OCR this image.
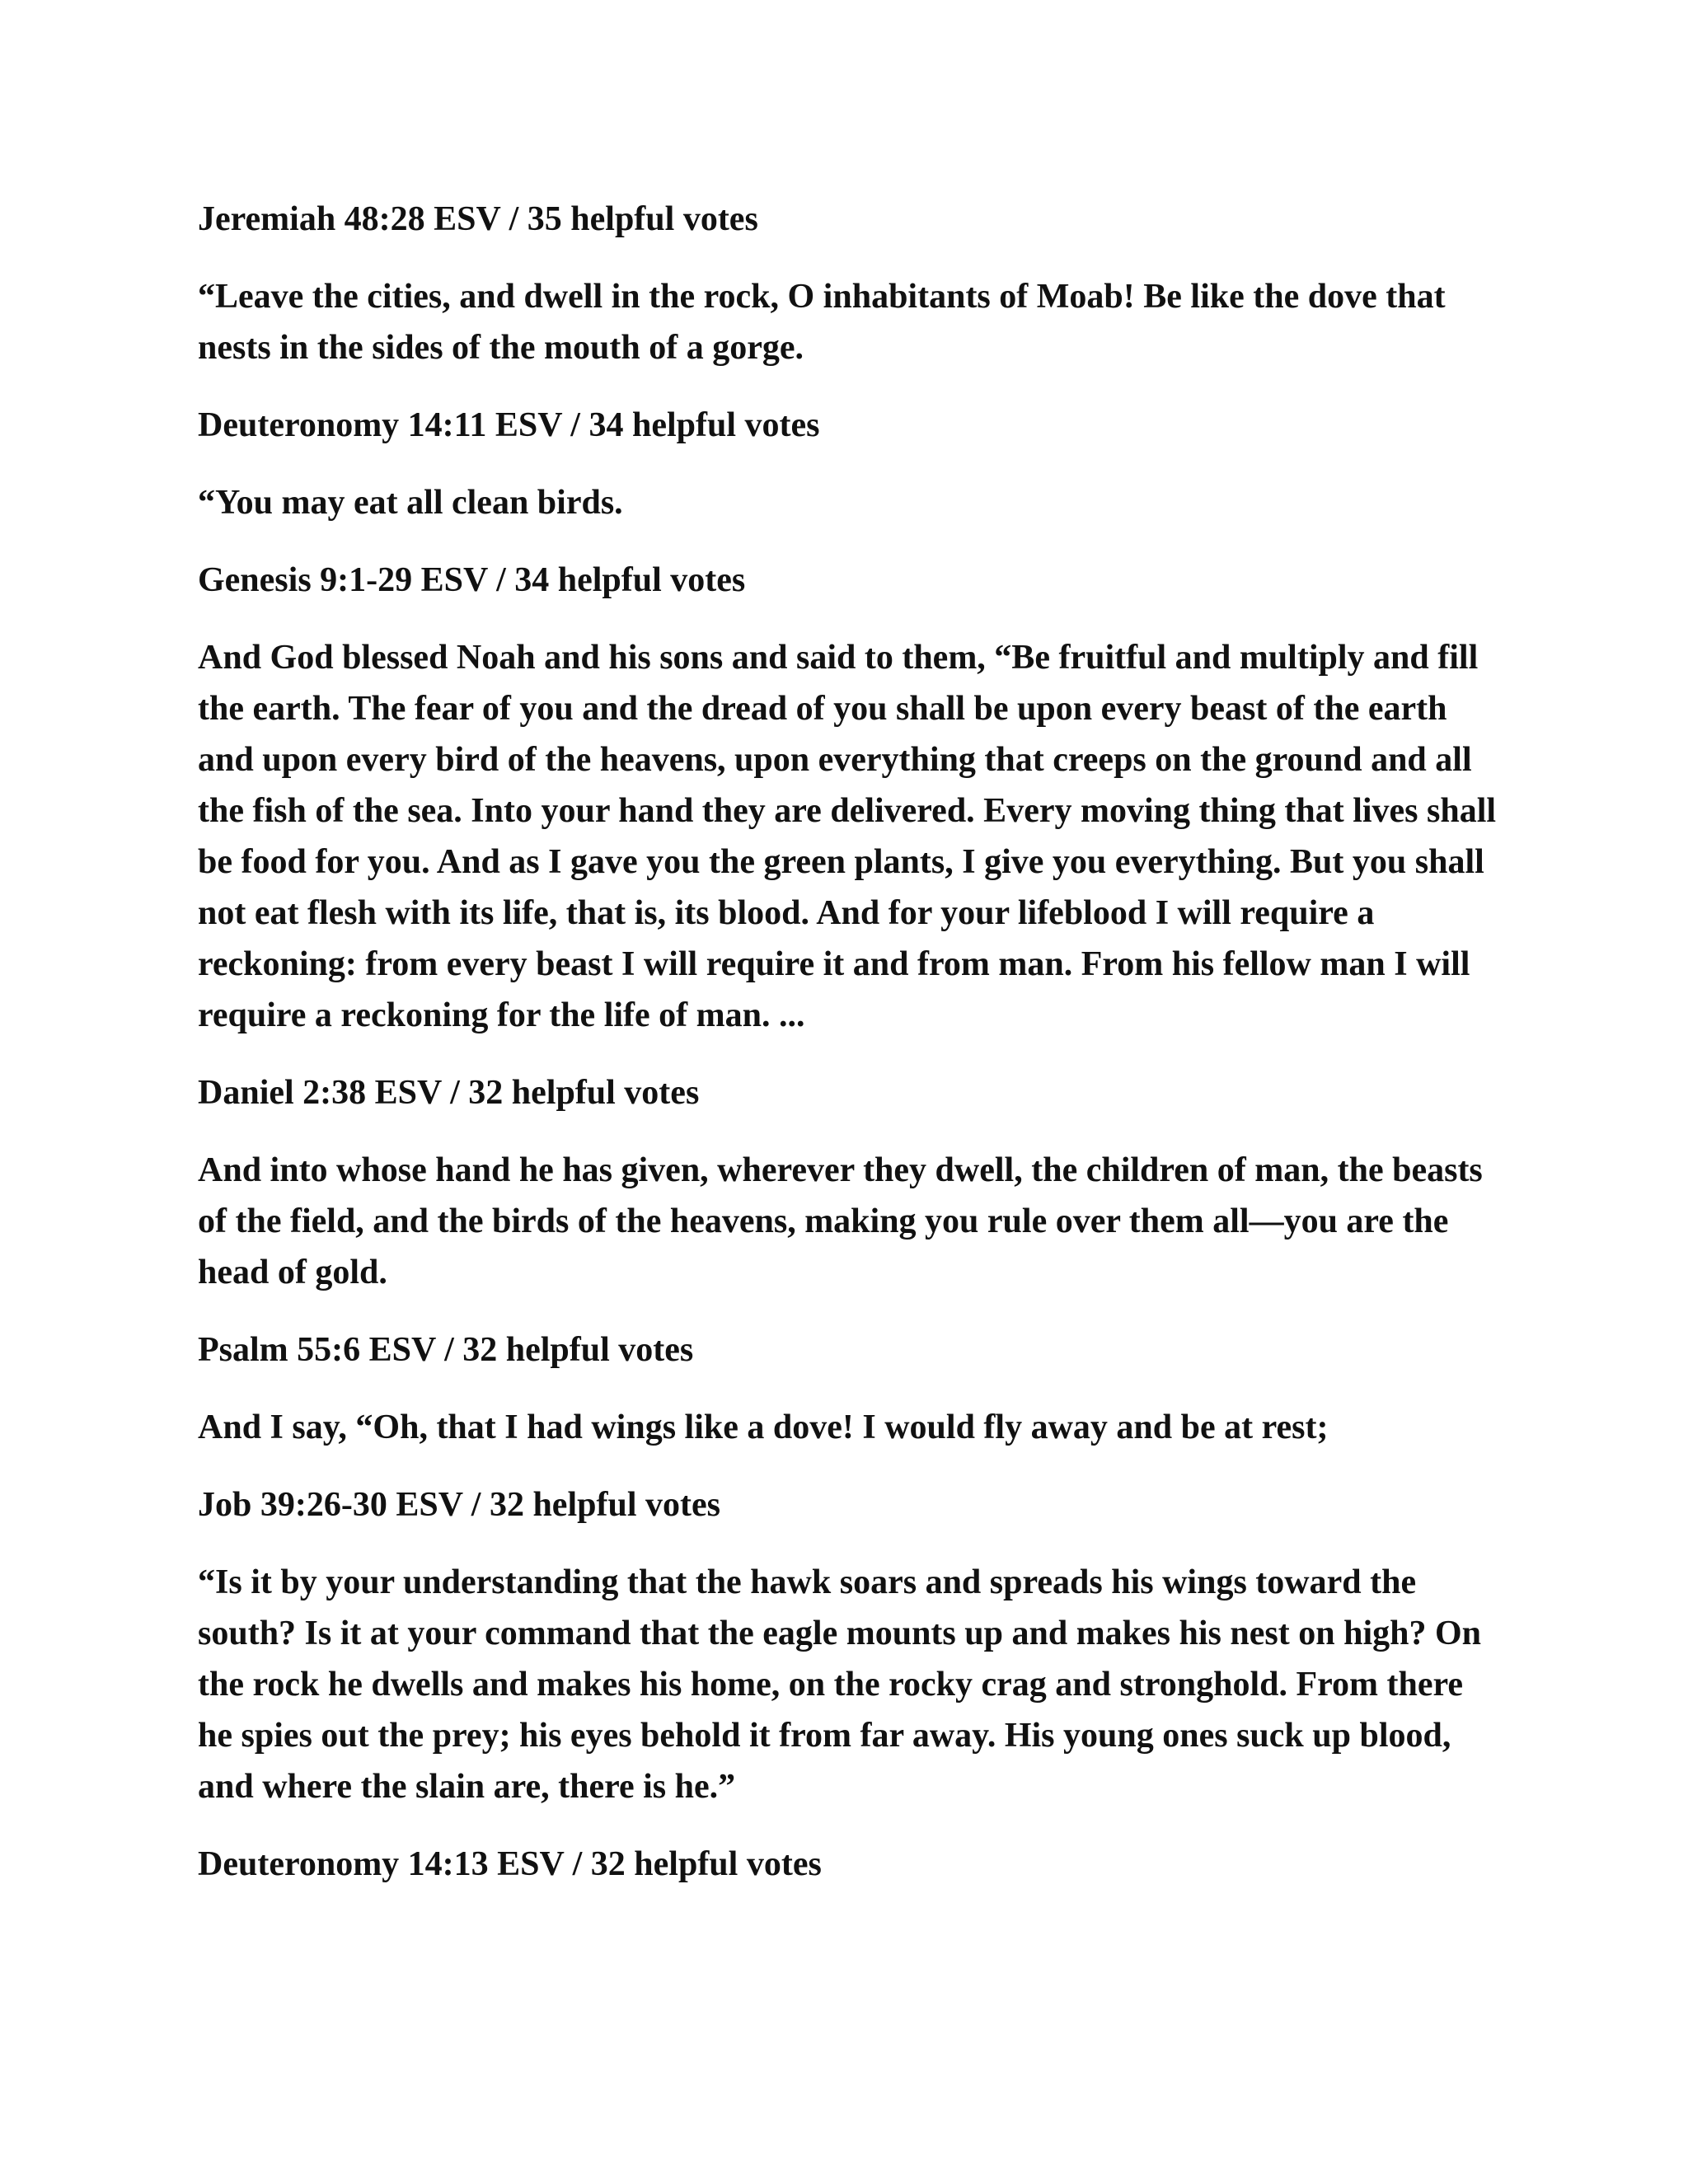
Jeremiah 48:28 ESV / 35 helpful votes

“Leave the cities, and dwell in the rock, O inhabitants of Moab! Be like the dove that nests in the sides of the mouth of a gorge.

Deuteronomy 14:11 ESV / 34 helpful votes

“You may eat all clean birds.

Genesis 9:1-29 ESV / 34 helpful votes

And God blessed Noah and his sons and said to them, “Be fruitful and multiply and fill the earth. The fear of you and the dread of you shall be upon every beast of the earth and upon every bird of the heavens, upon everything that creeps on the ground and all the fish of the sea. Into your hand they are delivered. Every moving thing that lives shall be food for you. And as I gave you the green plants, I give you everything. But you shall not eat flesh with its life, that is, its blood. And for your lifeblood I will require a reckoning: from every beast I will require it and from man. From his fellow man I will require a reckoning for the life of man. ...

Daniel 2:38 ESV / 32 helpful votes

And into whose hand he has given, wherever they dwell, the children of man, the beasts of the field, and the birds of the heavens, making you rule over them all—you are the head of gold.

Psalm 55:6 ESV / 32 helpful votes

And I say, “Oh, that I had wings like a dove! I would fly away and be at rest;

Job 39:26-30 ESV / 32 helpful votes

“Is it by your understanding that the hawk soars and spreads his wings toward the south? Is it at your command that the eagle mounts up and makes his nest on high? On the rock he dwells and makes his home, on the rocky crag and stronghold. From there he spies out the prey; his eyes behold it from far away. His young ones suck up blood, and where the slain are, there is he.”

Deuteronomy 14:13 ESV / 32 helpful votes
